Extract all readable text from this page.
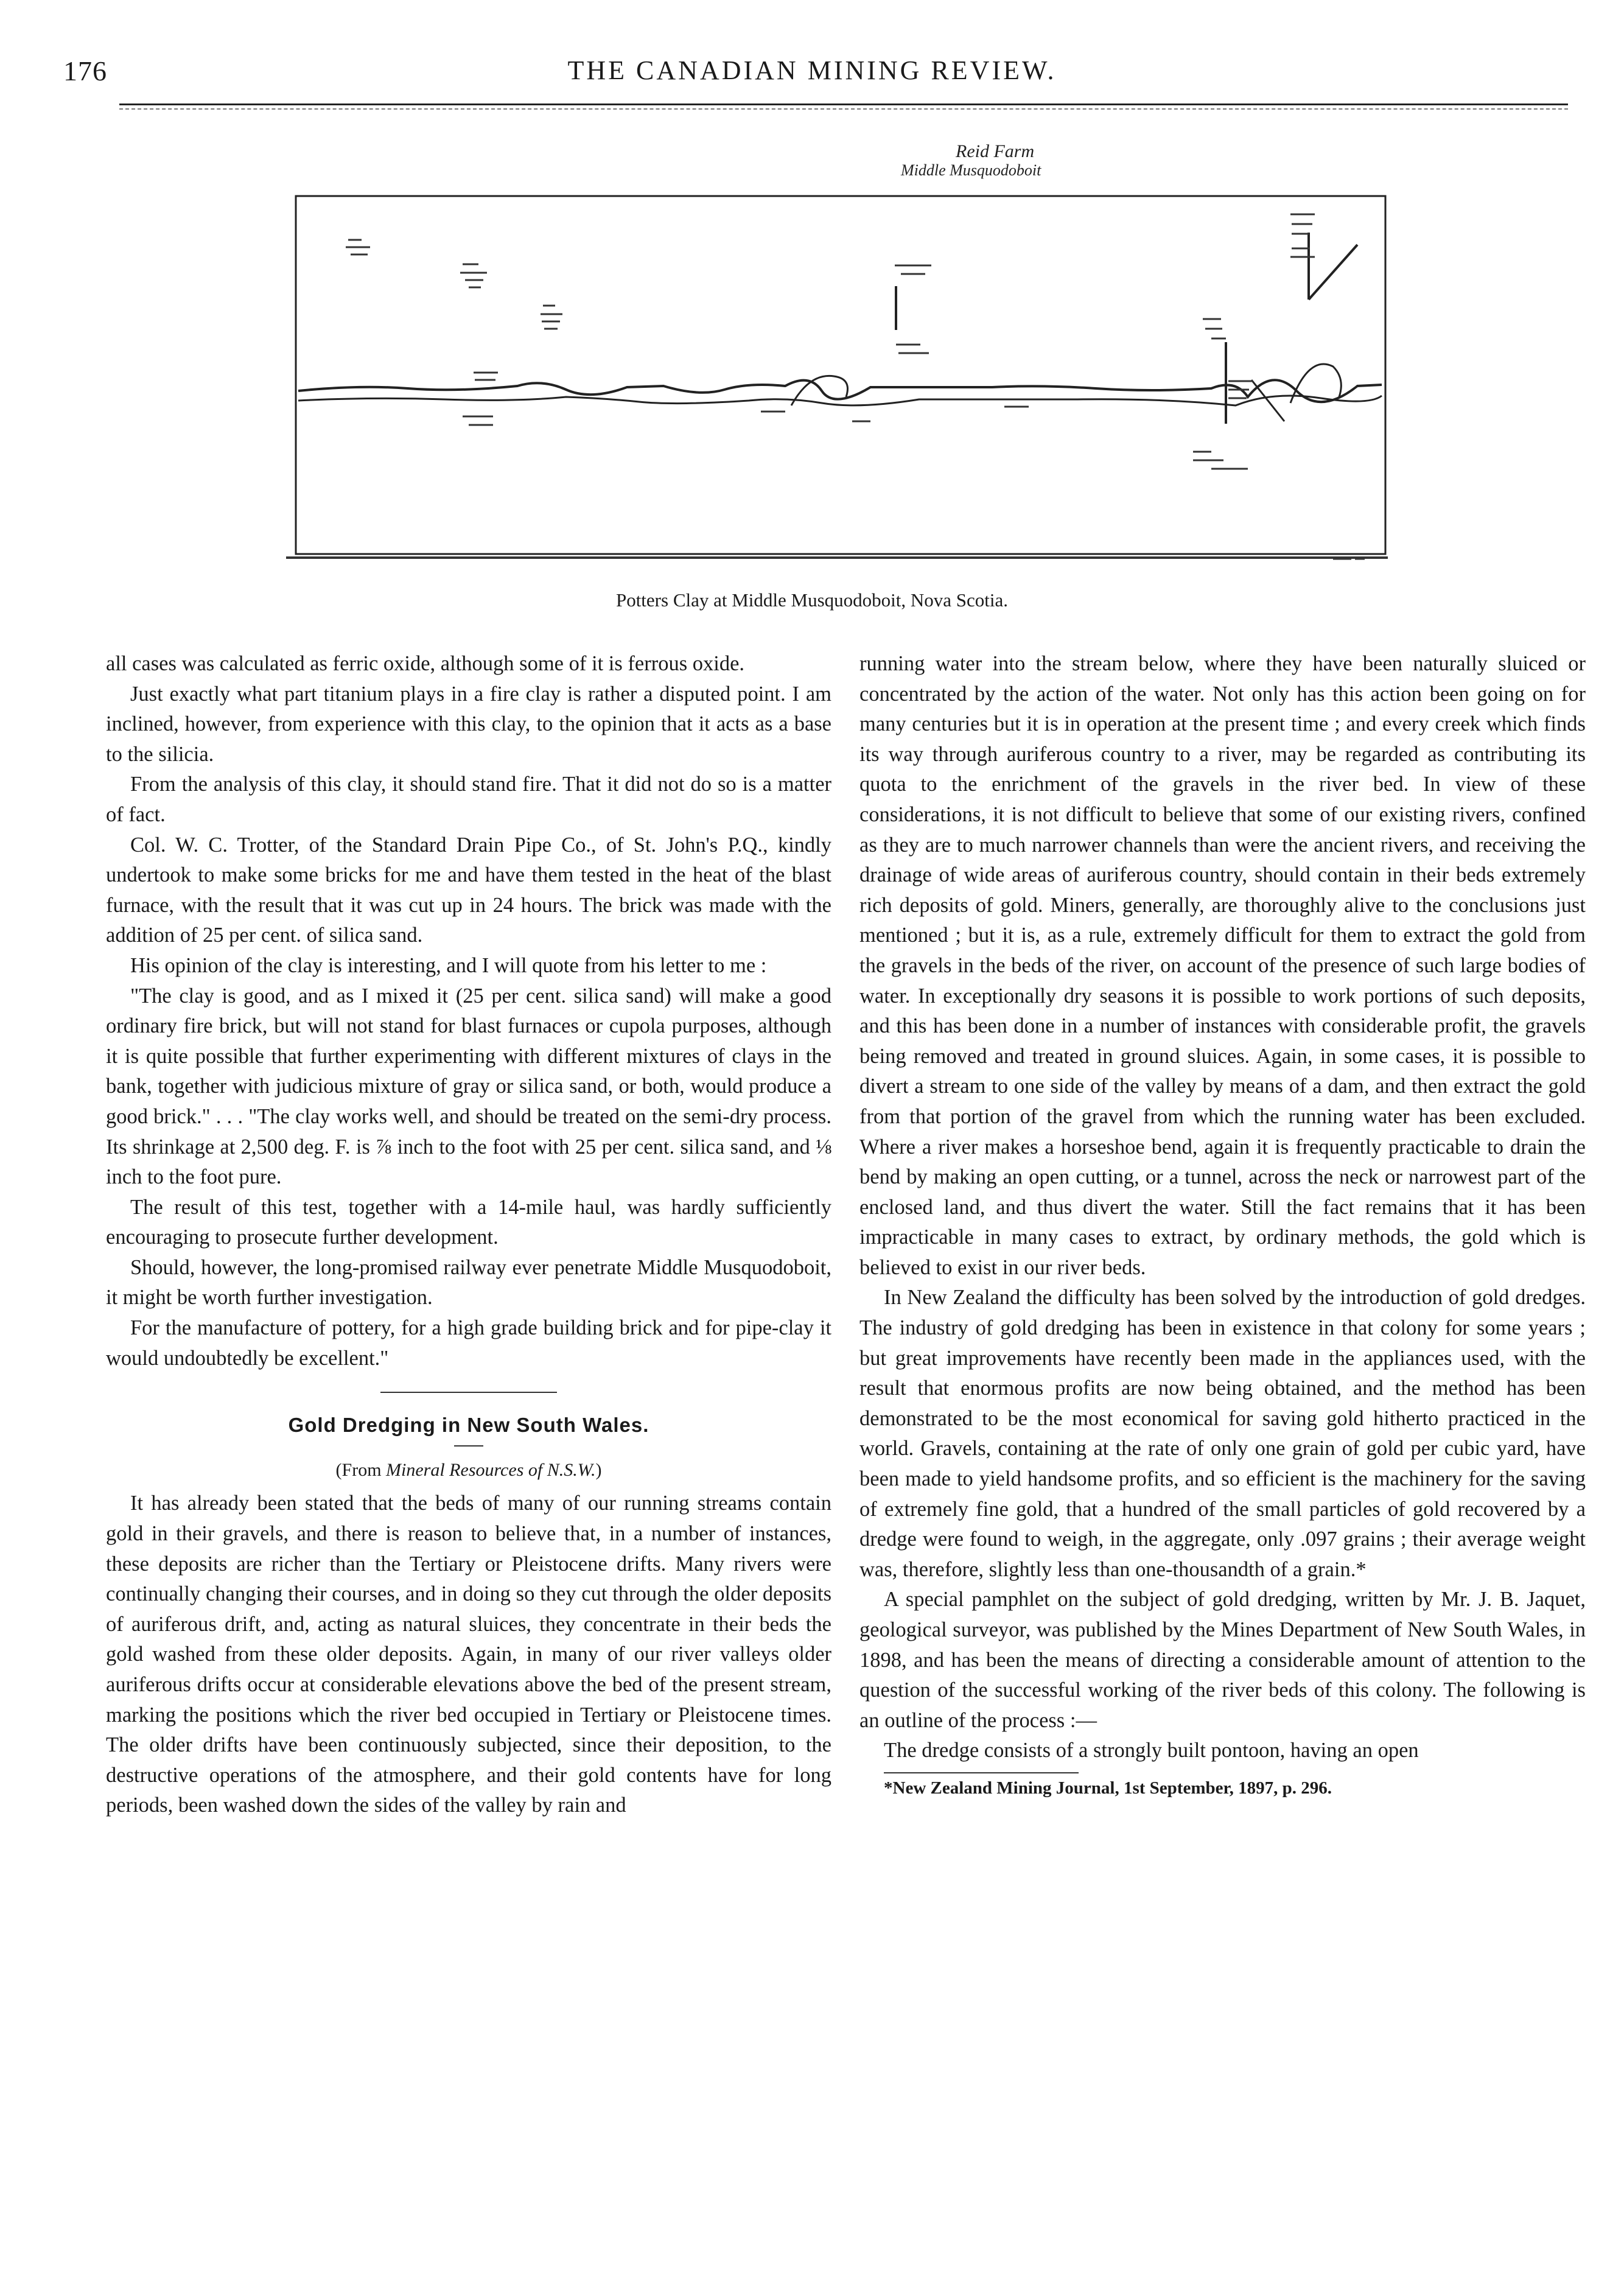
176	THE CANADIAN MINING REVIEW.
Reid Farm
Middle Musquodoboit
Potters Clay at Middle Musquodoboit, Nova Scotia.

all cases was calculated as ferric oxide, although some of it is ferrous oxide.

Just exactly what part titanium plays in a fire clay is rather a disputed point. I am inclined, however, from experience with this clay, to the opinion that it acts as a base to the silicia.

From the analysis of this clay, it should stand fire. That it did not do so is a matter of fact.

Col. W. C. Trotter, of the Standard Drain Pipe Co., of St. John's P.Q., kindly undertook to make some bricks for me and have them tested in the heat of the blast furnace, with the result that it was cut up in 24 hours. The brick was made with the addition of 25 per cent. of silica sand.

His opinion of the clay is interesting, and I will quote from his letter to me :

"The clay is good, and as I mixed it (25 per cent. silica sand) will make a good ordinary fire brick, but will not stand for blast furnaces or cupola purposes, although it is quite possible that further experimenting with different mixtures of clays in the bank, together with judicious mixture of gray or silica sand, or both, would produce a good brick." . . . "The clay works well, and should be treated on the semi-dry process. Its shrinkage at 2,500 deg. F. is ⅞ inch to the foot with 25 per cent. silica sand, and ⅛ inch to the foot pure.

The result of this test, together with a 14-mile haul, was hardly sufficiently encouraging to prosecute further development.

Should, however, the long-promised railway ever penetrate Middle Musquodoboit, it might be worth further investigation.

For the manufacture of pottery, for a high grade building brick and for pipe-clay it would undoubtedly be excellent."

Gold Dredging in New South Wales.
(From Mineral Resources of N.S.W.)

It has already been stated that the beds of many of our running streams contain gold in their gravels, and there is reason to believe that, in a number of instances, these deposits are richer than the Tertiary or Pleistocene drifts. Many rivers were continually changing their courses, and in doing so they cut through the older deposits of auriferous drift, and, acting as natural sluices, they concentrate in their beds the gold washed from these older deposits. Again, in many of our river valleys older auriferous drifts occur at considerable elevations above the bed of the present stream, marking the positions which the river bed occupied in Tertiary or Pleistocene times. The older drifts have been continuously subjected, since their deposition, to the destructive operations of the atmosphere, and their gold contents have for long periods, been washed down the sides of the valley by rain and

running water into the stream below, where they have been naturally sluiced or concentrated by the action of the water. Not only has this action been going on for many centuries but it is in operation at the present time ; and every creek which finds its way through auriferous country to a river, may be regarded as contributing its quota to the enrichment of the gravels in the river bed. In view of these considerations, it is not difficult to believe that some of our existing rivers, confined as they are to much narrower channels than were the ancient rivers, and receiving the drainage of wide areas of auriferous country, should contain in their beds extremely rich deposits of gold. Miners, generally, are thoroughly alive to the conclusions just mentioned ; but it is, as a rule, extremely difficult for them to extract the gold from the gravels in the beds of the river, on account of the presence of such large bodies of water. In exceptionally dry seasons it is possible to work portions of such deposits, and this has been done in a number of instances with considerable profit, the gravels being removed and treated in ground sluices. Again, in some cases, it is possible to divert a stream to one side of the valley by means of a dam, and then extract the gold from that portion of the gravel from which the running water has been excluded. Where a river makes a horseshoe bend, again it is frequently practicable to drain the bend by making an open cutting, or a tunnel, across the neck or narrowest part of the enclosed land, and thus divert the water. Still the fact remains that it has been impracticable in many cases to extract, by ordinary methods, the gold which is believed to exist in our river beds.

In New Zealand the difficulty has been solved by the introduction of gold dredges. The industry of gold dredging has been in existence in that colony for some years ; but great improvements have recently been made in the appliances used, with the result that enormous profits are now being obtained, and the method has been demonstrated to be the most economical for saving gold hitherto practiced in the world. Gravels, containing at the rate of only one grain of gold per cubic yard, have been made to yield handsome profits, and so efficient is the machinery for the saving of extremely fine gold, that a hundred of the small particles of gold recovered by a dredge were found to weigh, in the aggregate, only .097 grains ; their average weight was, therefore, slightly less than one-thousandth of a grain.*

A special pamphlet on the subject of gold dredging, written by Mr. J. B. Jaquet, geological surveyor, was published by the Mines Department of New South Wales, in 1898, and has been the means of directing a considerable amount of attention to the question of the successful working of the river beds of this colony. The following is an outline of the process :—

The dredge consists of a strongly built pontoon, having an open

*New Zealand Mining Journal, 1st September, 1897, p. 296.
